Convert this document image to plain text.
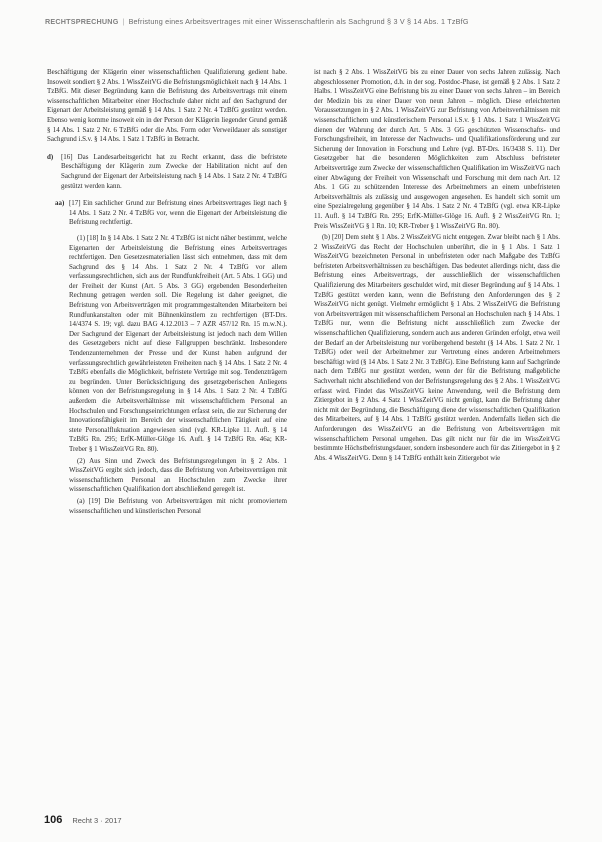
RECHTSPRECHUNG | Befristung eines Arbeitsvertrages mit einer Wissenschaftlerin als Sachgrund § 3 V § 14 Abs. 1 TzBfG

Beschäftigung der Klägerin einer wissenschaftlichen Qualifizierung gedient habe. Insoweit sondiert § 2 Abs. 1 WissZeitVG die Befristungsmöglichkeit nach § 14 Abs. 1 TzBfG. Mit dieser Begründung kann die Befristung des Arbeitsvertrags mit einem wissenschaftlichen Mitarbeiter einer Hochschule daher nicht auf den Sachgrund der Eigenart der Arbeitsleistung gemäß § 14 Abs. 1 Satz 2 Nr. 4 TzBfG gestützt werden. Ebenso wenig komme insoweit ein in der Person der Klägerin liegender Grund gemäß § 14 Abs. 1 Satz 2 Nr. 6 TzBfG oder die Abs. Form oder Verweildauer als sonstiger Sachgrund i.S.v. § 14 Abs. 1 Satz 1 TzBfG in Betracht.

d) [16] Das Landesarbeitsgericht hat zu Recht erkannt, dass die befristete Beschäftigung der Klägerin zum Zwecke der Habilitation nicht auf den Sachgrund der Eigenart der Arbeitsleistung nach § 14 Abs. 1 Satz 2 Nr. 4 TzBfG gestützt werden kann.

aa) [17] Ein sachlicher Grund zur Befristung eines Arbeitsvertrages liegt nach § 14 Abs. 1 Satz 2 Nr. 4 TzBfG vor, wenn die Eigenart der Arbeitsleistung die Befristung rechtfertigt.

(1) [18] In § 14 Abs. 1 Satz 2 Nr. 4 TzBfG ist nicht näher bestimmt, welche Eigenarten der Arbeitsleistung die Befristung eines Arbeitsvertrages rechtfertigen. Den Gesetzesmaterialien lässt sich entnehmen, dass mit dem Sachgrund des § 14 Abs. 1 Satz 2 Nr. 4 TzBfG vor allem verfassungsrechtlichen, sich aus der Rundfunkfreiheit (Art. 5 Abs. 1 GG) und der Freiheit der Kunst (Art. 5 Abs. 3 GG) ergebenden Besonderheiten Rechnung getragen werden soll. Die Regelung ist daher geeignet, die Befristung von Arbeitsverträgen mit programmgestaltenden Mitarbeitern bei Rundfunkanstalten oder mit Bühnenkünstlern zu rechtfertigen (BT-Drs. 14/4374 S. 19; vgl. dazu BAG 4.12.2013 – 7 AZR 457/12 Rn. 15 m.w.N.). Der Sachgrund der Eigenart der Arbeitsleistung ist jedoch nach dem Willen des Gesetzgebers nicht auf diese Fallgruppen beschränkt. Insbesondere Tendenzunternehmen der Presse und der Kunst haben aufgrund der verfassungsrechtlich gewährleisteten Freiheiten nach § 14 Abs. 1 Satz 2 Nr. 4 TzBfG ebenfalls die Möglichkeit, befristete Verträge mit sog. Tendenzträgern zu begründen. Unter Berücksichtigung des gesetzgeberischen Anliegens können von der Befristungsregelung in § 14 Abs. 1 Satz 2 Nr. 4 TzBfG außerdem die Arbeitsverhältnisse mit wissenschaftlichem Personal an Hochschulen und Forschungseinrichtungen erfasst sein, die zur Sicherung der Innovationsfähigkeit im Bereich der wissenschaftlichen Tätigkeit auf eine stete Personalfluktuation angewiesen sind (vgl. KR-Lipke 11. Aufl. § 14 TzBfG Rn. 295; ErfK-Müller-Glöge 16. Aufl. § 14 TzBfG Rn. 46a; KR-Treber § 1 WissZeitVG Rn. 80).

(2) Aus Sinn und Zweck des Befristungsregelungen in § 2 Abs. 1 WissZeitVG ergibt sich jedoch, dass die Befristung von Arbeitsverträgen mit wissenschaftlichem Personal an Hochschulen zum Zwecke ihrer wissenschaftlichen Qualifikation dort abschließend geregelt ist.

(a) [19] Die Befristung von Arbeitsverträgen mit nicht promoviertem wissenschaftlichen und künstlerischen Personal

ist nach § 2 Abs. 1 WissZeitVG bis zu einer Dauer von sechs Jahren zulässig. Nach abgeschlossener Promotion, d.h. in der sog. Postdoc-Phase, ist gemäß § 2 Abs. 1 Satz 2 Halbs. 1 WissZeitVG eine Befristung bis zu einer Dauer von sechs Jahren – im Bereich der Medizin bis zu einer Dauer von neun Jahren – möglich. Diese erleichterten Voraussetzungen in § 2 Abs. 1 WissZeitVG zur Befristung von Arbeitsverhältnissen mit wissenschaftlichem und künstlerischem Personal i.S.v. § 1 Abs. 1 Satz 1 WissZeitVG dienen der Wahrung der durch Art. 5 Abs. 3 GG geschützten Wissenschafts- und Forschungsfreiheit, im Interesse der Nachwuchs- und Qualifikationsförderung und zur Sicherung der Innovation in Forschung und Lehre (vgl. BT-Drs. 16/3438 S. 11). Der Gesetzgeber hat die besonderen Möglichkeiten zum Abschluss befristeter Arbeitsverträge zum Zwecke der wissenschaftlichen Qualifikation im WissZeitVG nach einer Abwägung der Freiheit von Wissenschaft und Forschung mit dem nach Art. 12 Abs. 1 GG zu schützenden Interesse des Arbeitnehmers an einem unbefristeten Arbeitsverhältnis als zulässig und ausgewogen angesehen. Es handelt sich somit um eine Spezialregelung gegenüber § 14 Abs. 1 Satz 2 Nr. 4 TzBfG (vgl. etwa KR-Lipke 11. Aufl. § 14 TzBfG Rn. 295; ErfK-Müller-Glöge 16. Aufl. § 2 WissZeitVG Rn. 1; Preis WissZeitVG § 1 Rn. 10; KR-Treber § 1 WissZeitVG Rn. 80).

(b) [20] Dem steht § 1 Abs. 2 WissZeitVG nicht entgegen. Zwar bleibt nach § 1 Abs. 2 WissZeitVG das Recht der Hochschulen unberührt, die in § 1 Abs. 1 Satz 1 WissZeitVG bezeichneten Personal in unbefristeten oder nach Maßgabe des TzBfG befristeten Arbeitsverhältnissen zu beschäftigen. Das bedeutet allerdings nicht, dass die Befristung eines Arbeitsvertrags, der ausschließlich der wissenschaftlichen Qualifizierung des Mitarbeiters geschuldet wird, mit dieser Begründung auf § 14 Abs. 1 TzBfG gestützt werden kann, wenn die Befristung den Anforderungen des § 2 WissZeitVG nicht genügt. Vielmehr ermöglicht § 1 Abs. 2 WissZeitVG die Befristung von Arbeitsverträgen mit wissenschaftlichem Personal an Hochschulen nach § 14 Abs. 1 TzBfG nur, wenn die Befristung nicht ausschließlich zum Zwecke der wissenschaftlichen Qualifizierung, sondern auch aus anderen Gründen erfolgt, etwa weil der Bedarf an der Arbeitsleistung nur vorübergehend besteht (§ 14 Abs. 1 Satz 2 Nr. 1 TzBfG) oder weil der Arbeitnehmer zur Vertretung eines anderen Arbeitnehmers beschäftigt wird (§ 14 Abs. 1 Satz 2 Nr. 3 TzBfG). Eine Befristung kann auf Sachgründe nach dem TzBfG nur gestützt werden, wenn der für die Befristung maßgebliche Sachverhalt nicht abschließend von der Befristungsregelung des § 2 Abs. 1 WissZeitVG erfasst wird. Findet das WissZeitVG keine Anwendung, weil die Befristung dem Zitiergebot in § 2 Abs. 4 Satz 1 WissZeitVG nicht genügt, kann die Befristung daher nicht mit der Begründung, die Beschäftigung diene der wissenschaftlichen Qualifikation des Mitarbeiters, auf § 14 Abs. 1 TzBfG gestützt werden. Andernfalls ließen sich die Anforderungen des WissZeitVG an die Befristung von Arbeitsverträgen mit wissenschaftlichem Personal umgehen. Das gilt nicht nur für die im WissZeitVG bestimmte Höchstbefristungsdauer, sondern insbesondere auch für das Zitiergebot in § 2 Abs. 4 WissZeitVG. Denn § 14 TzBfG enthält kein Zitiergebot wie

106 Recht 3 · 2017
